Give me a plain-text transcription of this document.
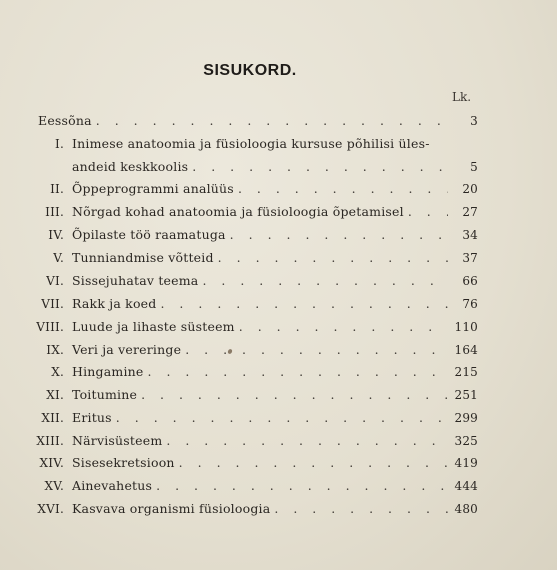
SISUKORD.
Lk.
Eessõna . . .	3
I. Inimese anatoomia ja füsioloogia kursuse põhilisi üles-
andeid keskkoolis . . .	5
II. Õppeprogrammi analüüs . . .	20
III. Nõrgad kohad anatoomia ja füsioloogia õpetamisel . . .	27
IV. Õpilaste töö raamatuga . . .	34
V. Tunniandmise võtteid . . .	37
VI. Sissejuhatav teema . . .	66
VII. Rakk ja koed . . .	76
VIII. Luude ja lihaste süsteem . . .	110
IX. Veri ja vereringe . . .	164
X. Hingamine . . .	215
XI. Toitumine . . .	251
XII. Eritus . . .	299
XIII. Närvisüsteem . . .	325
XIV. Sisesekretsioon . . .	419
XV. Ainevahetus . . .	444
XVI. Kasvava organismi füsioloogia . . .	480
